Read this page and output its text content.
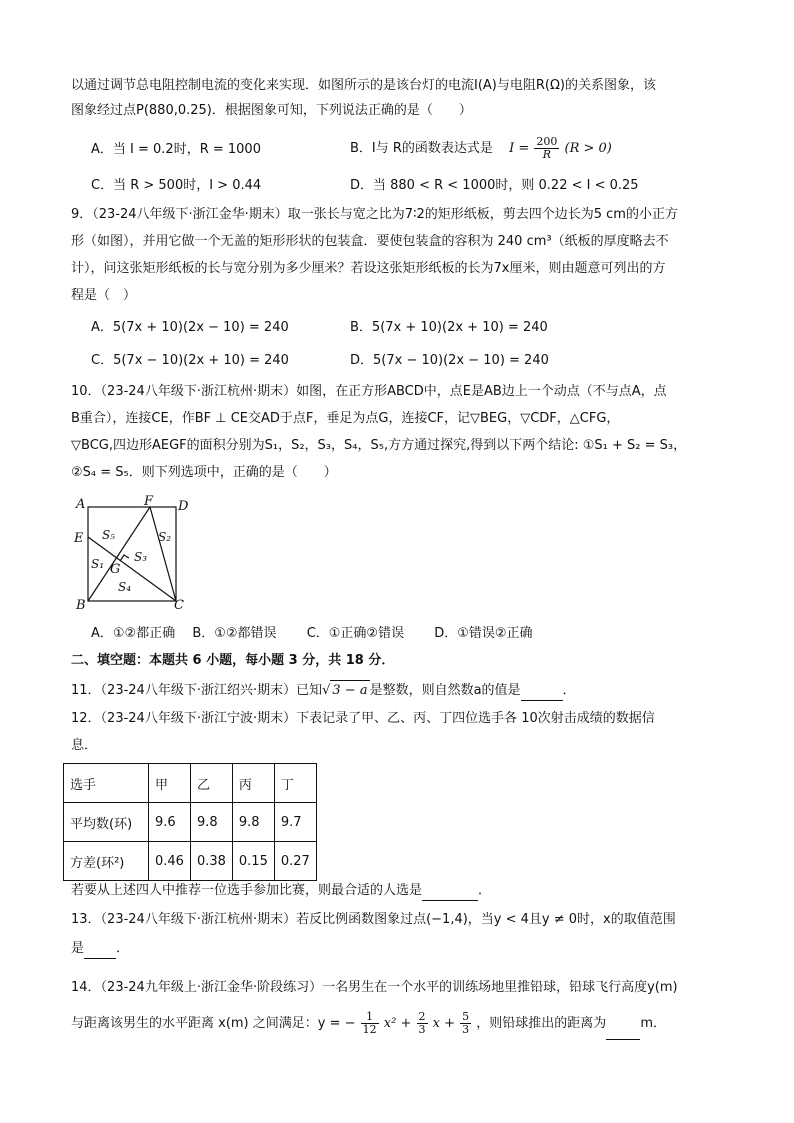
以通过调节总电阻控制电流的变化来实现．如图所示的是该台灯的电流I(A)与电阻R(Ω)的关系图象，该
图象经过点P(880,0.25)．根据图象可知，下列说法正确的是（　　）
A．当 I = 0.2时，R = 1000	B．I与 R的函数表达式是 $I = \frac{200}{R} (R > 0)$
C．当 R > 500时，I > 0.44	D．当 880 < R < 1000时，则 0.22 < I < 0.25
9．（23-24八年级下·浙江金华·期末）取一张长与宽之比为7∶2的矩形纸板，剪去四个边长为5 cm的小正方
形（如图），并用它做一个无盖的矩形形状的包装盒．要使包装盒的容积为 240 cm³（纸板的厚度略去不
计），问这张矩形纸板的长与宽分别为多少厘米？若设这张矩形纸板的长为7x厘米，则由题意可列出的方
程是（　）
A．5(7x + 10)(2x − 10) = 240	B．5(7x + 10)(2x + 10) = 240
C．5(7x − 10)(2x + 10) = 240	D．5(7x − 10)(2x − 10) = 240
10．（23-24八年级下·浙江杭州·期末）如图，在正方形ABCD中，点E是AB边上一个动点（不与点A，点
B重合），连接CE，作BF ⊥ CE交AD于点F，垂足为点G，连接CF，记▽BEG，▽CDF，△CFG，
▽BCG,四边形AEGF的面积分别为S₁，S₂，S₃，S₄，S₅,方方通过探究,得到以下两个结论: ①S₁ + S₂ = S₃，
②S₄ = S₅．则下列选项中，正确的是（　　）
A	D
F
E
B	C
G
S₅	S₂
S₃
S₁
S₄
A．①②都正确　 B．①②都错误　　 C．①正确②错误　　 D．①错误②正确
二、填空题：本题共 6 小题，每小题 3 分，共 18 分．
11．（23-24八年级下·浙江绍兴·期末）已知√ 3 − a 是整数，则自然数a的值是	．
12．（23-24八年级下·浙江宁波·期末）下表记录了甲、乙、丙、丁四位选手各 10次射击成绩的数据信
息．
选手	甲	乙	丙	丁
平均数(环)	9.6	9.8	9.8	9.7
方差(环²)	0.46	0.38	0.15	0.27
若要从上述四人中推荐一位选手参加比赛，则最合适的人选是	．
13．（23-24八年级下·浙江杭州·期末）若反比例函数图象过点(−1,4)，当y < 4且y ≠ 0时，x的取值范围
是 ．
14．（23-24九年级上·浙江金华·阶段练习）一名男生在一个水平的训练场地里推铅球，铅球飞行高度y(m)
与距离该男生的水平距离 x(m) 之间满足：y = − $\frac{1}{12} x^2 + \frac{2}{3}$ $x + \frac{5}{3}$ ，则铅球推出的距离为	m．
